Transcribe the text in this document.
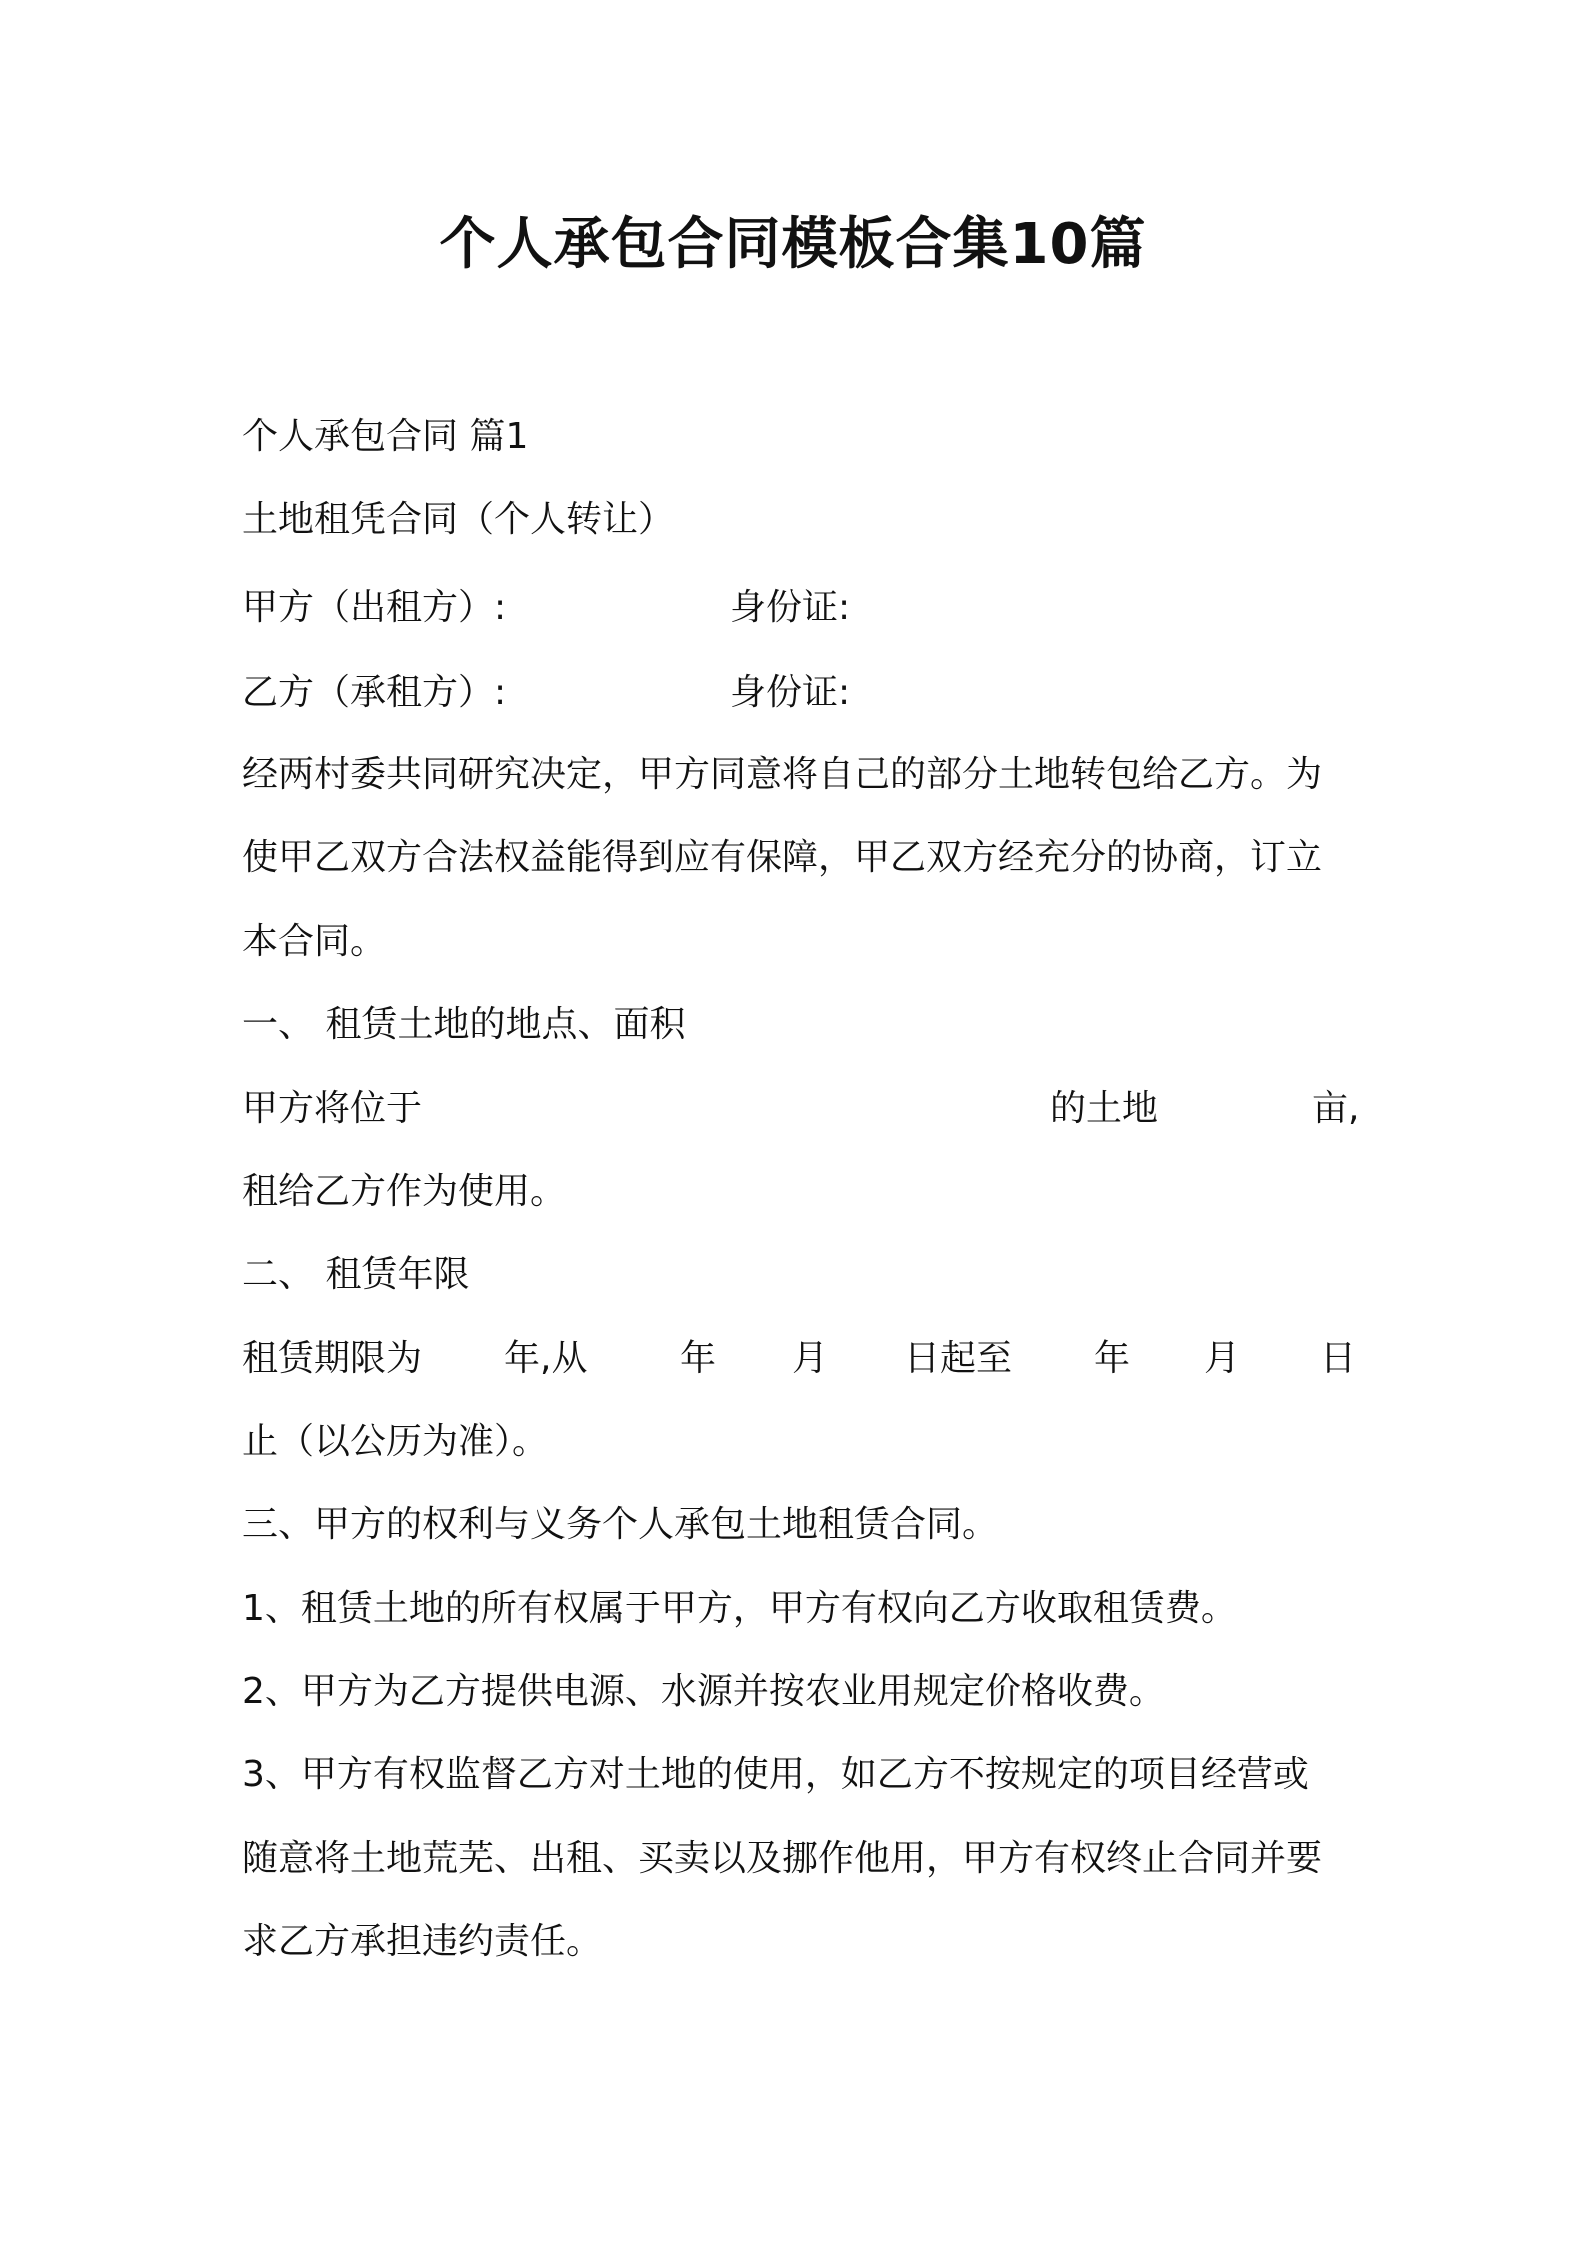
个人承包合同模板合集10篇

个人承包合同 篇1

土地租凭合同（个人转让）

甲方（出租方）:	身份证:
乙方（承租方）:	身份证:

经两村委共同研究决定，甲方同意将自己的部分土地转包给乙方。为

使甲乙双方合法权益能得到应有保障，甲乙双方经充分的协商，订立

本合同。

一、 租赁土地的地点、面积

甲方将位于	的土地	亩,

租给乙方作为使用。

二、 租赁年限

租赁期限为 年,从	年 月 日起至 年 月 日

止（以公历为准）。

三、甲方的权利与义务个人承包土地租赁合同。

1、租赁土地的所有权属于甲方，甲方有权向乙方收取租赁费。

2、甲方为乙方提供电源、水源并按农业用规定价格收费。

3、甲方有权监督乙方对土地的使用，如乙方不按规定的项目经营或

随意将土地荒芜、出租、买卖以及挪作他用，甲方有权终止合同并要

求乙方承担违约责任。
